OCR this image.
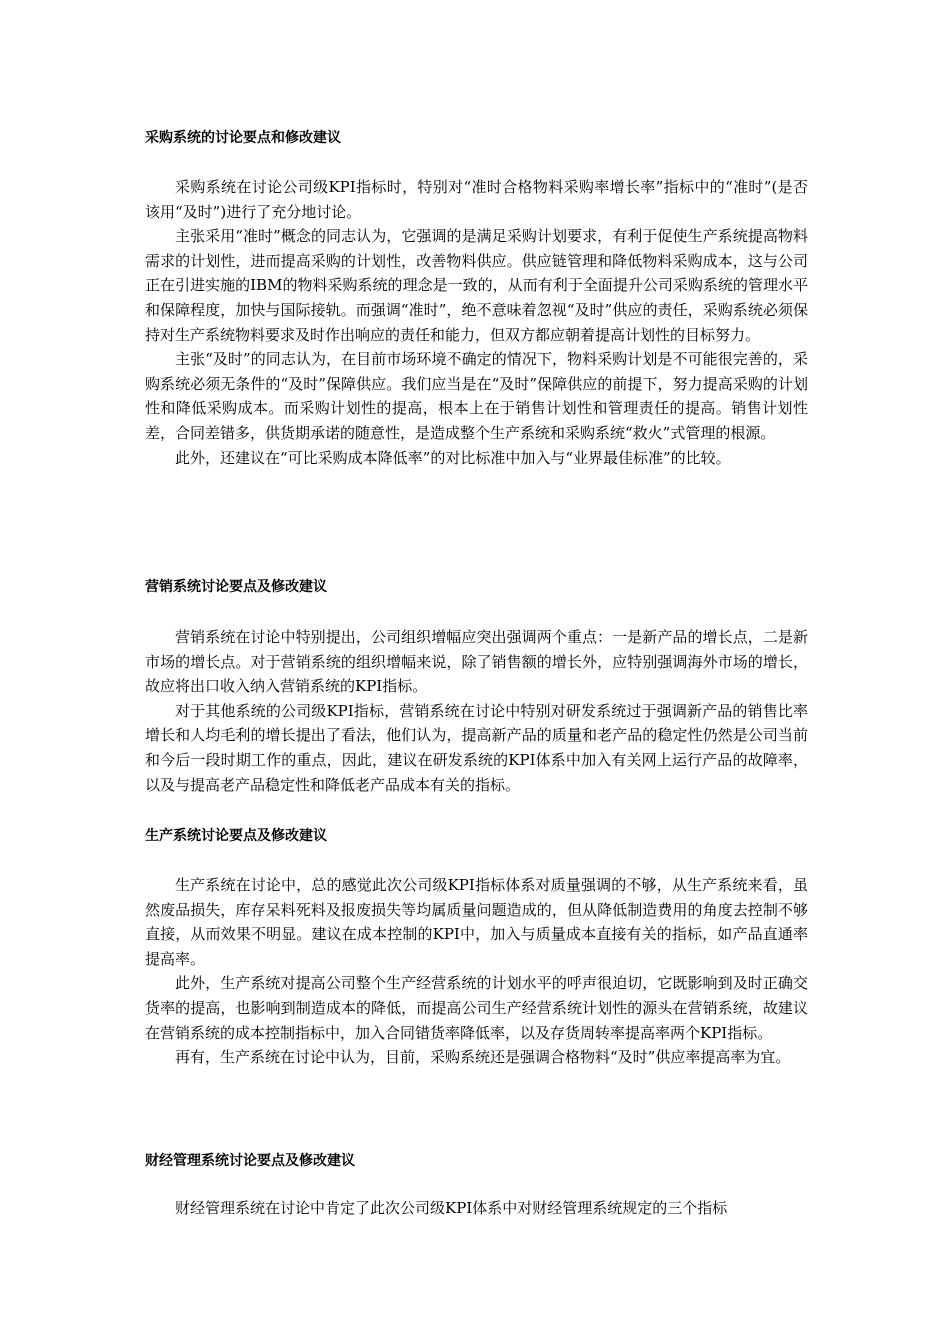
采购系统的讨论要点和修改建议

采购系统在讨论公司级KPI指标时，特别对“准时合格物料采购率增长率”指标中的“准时”(是否该用“及时”)进行了充分地讨论。

主张采用“准时”概念的同志认为，它强调的是满足采购计划要求，有利于促使生产系统提高物料需求的计划性，进而提高采购的计划性，改善物料供应。供应链管理和降低物料采购成本，这与公司正在引进实施的IBM的物料采购系统的理念是一致的，从而有利于全面提升公司采购系统的管理水平和保障程度，加快与国际接轨。而强调“准时”，绝不意味着忽视“及时”供应的责任，采购系统必须保持对生产系统物料要求及时作出响应的责任和能力，但双方都应朝着提高计划性的目标努力。

主张“及时”的同志认为，在目前市场环境不确定的情况下，物料采购计划是不可能很完善的，采购系统必须无条件的“及时”保障供应。我们应当是在“及时”保障供应的前提下，努力提高采购的计划性和降低采购成本。而采购计划性的提高，根本上在于销售计划性和管理责任的提高。销售计划性差，合同差错多，供货期承诺的随意性，是造成整个生产系统和采购系统“救火”式管理的根源。

此外，还建议在“可比采购成本降低率”的对比标准中加入与“业界最佳标准”的比较。

营销系统讨论要点及修改建议

营销系统在讨论中特别提出，公司组织增幅应突出强调两个重点：一是新产品的增长点，二是新市场的增长点。对于营销系统的组织增幅来说，除了销售额的增长外，应特别强调海外市场的增长，故应将出口收入纳入营销系统的KPI指标。

对于其他系统的公司级KPI指标，营销系统在讨论中特别对研发系统过于强调新产品的销售比率增长和人均毛利的增长提出了看法，他们认为，提高新产品的质量和老产品的稳定性仍然是公司当前和今后一段时期工作的重点，因此，建议在研发系统的KPI体系中加入有关网上运行产品的故障率，以及与提高老产品稳定性和降低老产品成本有关的指标。

生产系统讨论要点及修改建议

生产系统在讨论中，总的感觉此次公司级KPI指标体系对质量强调的不够，从生产系统来看，虽然废品损失，库存呆料死料及报废损失等均属质量问题造成的，但从降低制造费用的角度去控制不够直接，从而效果不明显。建议在成本控制的KPI中，加入与质量成本直接有关的指标，如产品直通率提高率。

此外，生产系统对提高公司整个生产经营系统的计划水平的呼声很迫切，它既影响到及时正确交货率的提高，也影响到制造成本的降低，而提高公司生产经营系统计划性的源头在营销系统，故建议在营销系统的成本控制指标中，加入合同错货率降低率，以及存货周转率提高率两个KPI指标。

再有，生产系统在讨论中认为，目前，采购系统还是强调合格物料“及时”供应率提高率为宜。

财经管理系统讨论要点及修改建议

财经管理系统在讨论中肯定了此次公司级KPI体系中对财经管理系统规定的三个指标
